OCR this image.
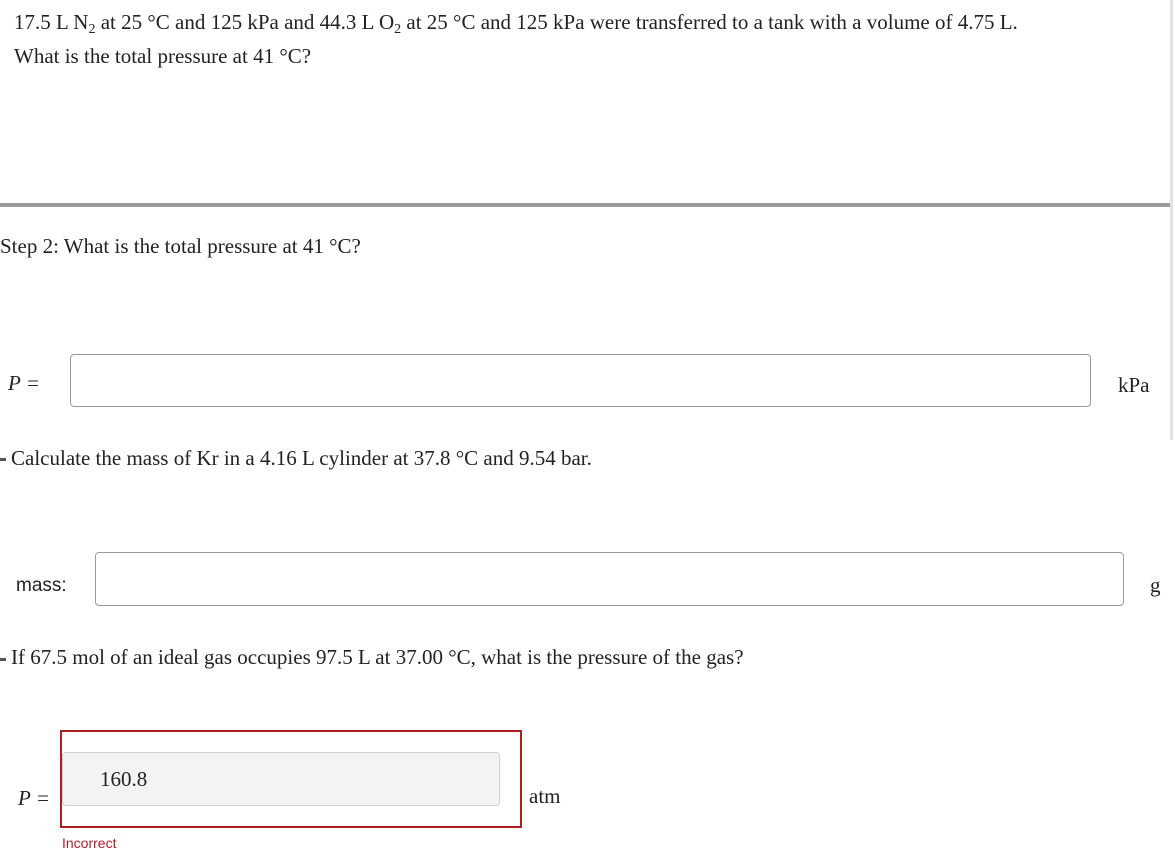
17.5 L $N_2$ at 25 °C and 125 kPa and 44.3 L $O_2$ at 25 °C and 125 kPa were transferred to a tank with a volume of 4.75 L.
What is the total pressure at 41 °C?
Step 2: What is the total pressure at 41 °C?
P =	kPa
Calculate the mass of Kr in a 4.16 L cylinder at 37.8 °C and 9.54 bar.
mass:	g
If 67.5 mol of an ideal gas occupies 97.5 L at 37.00 °C, what is the pressure of the gas?
P =
160.8
atm
Incorrect
